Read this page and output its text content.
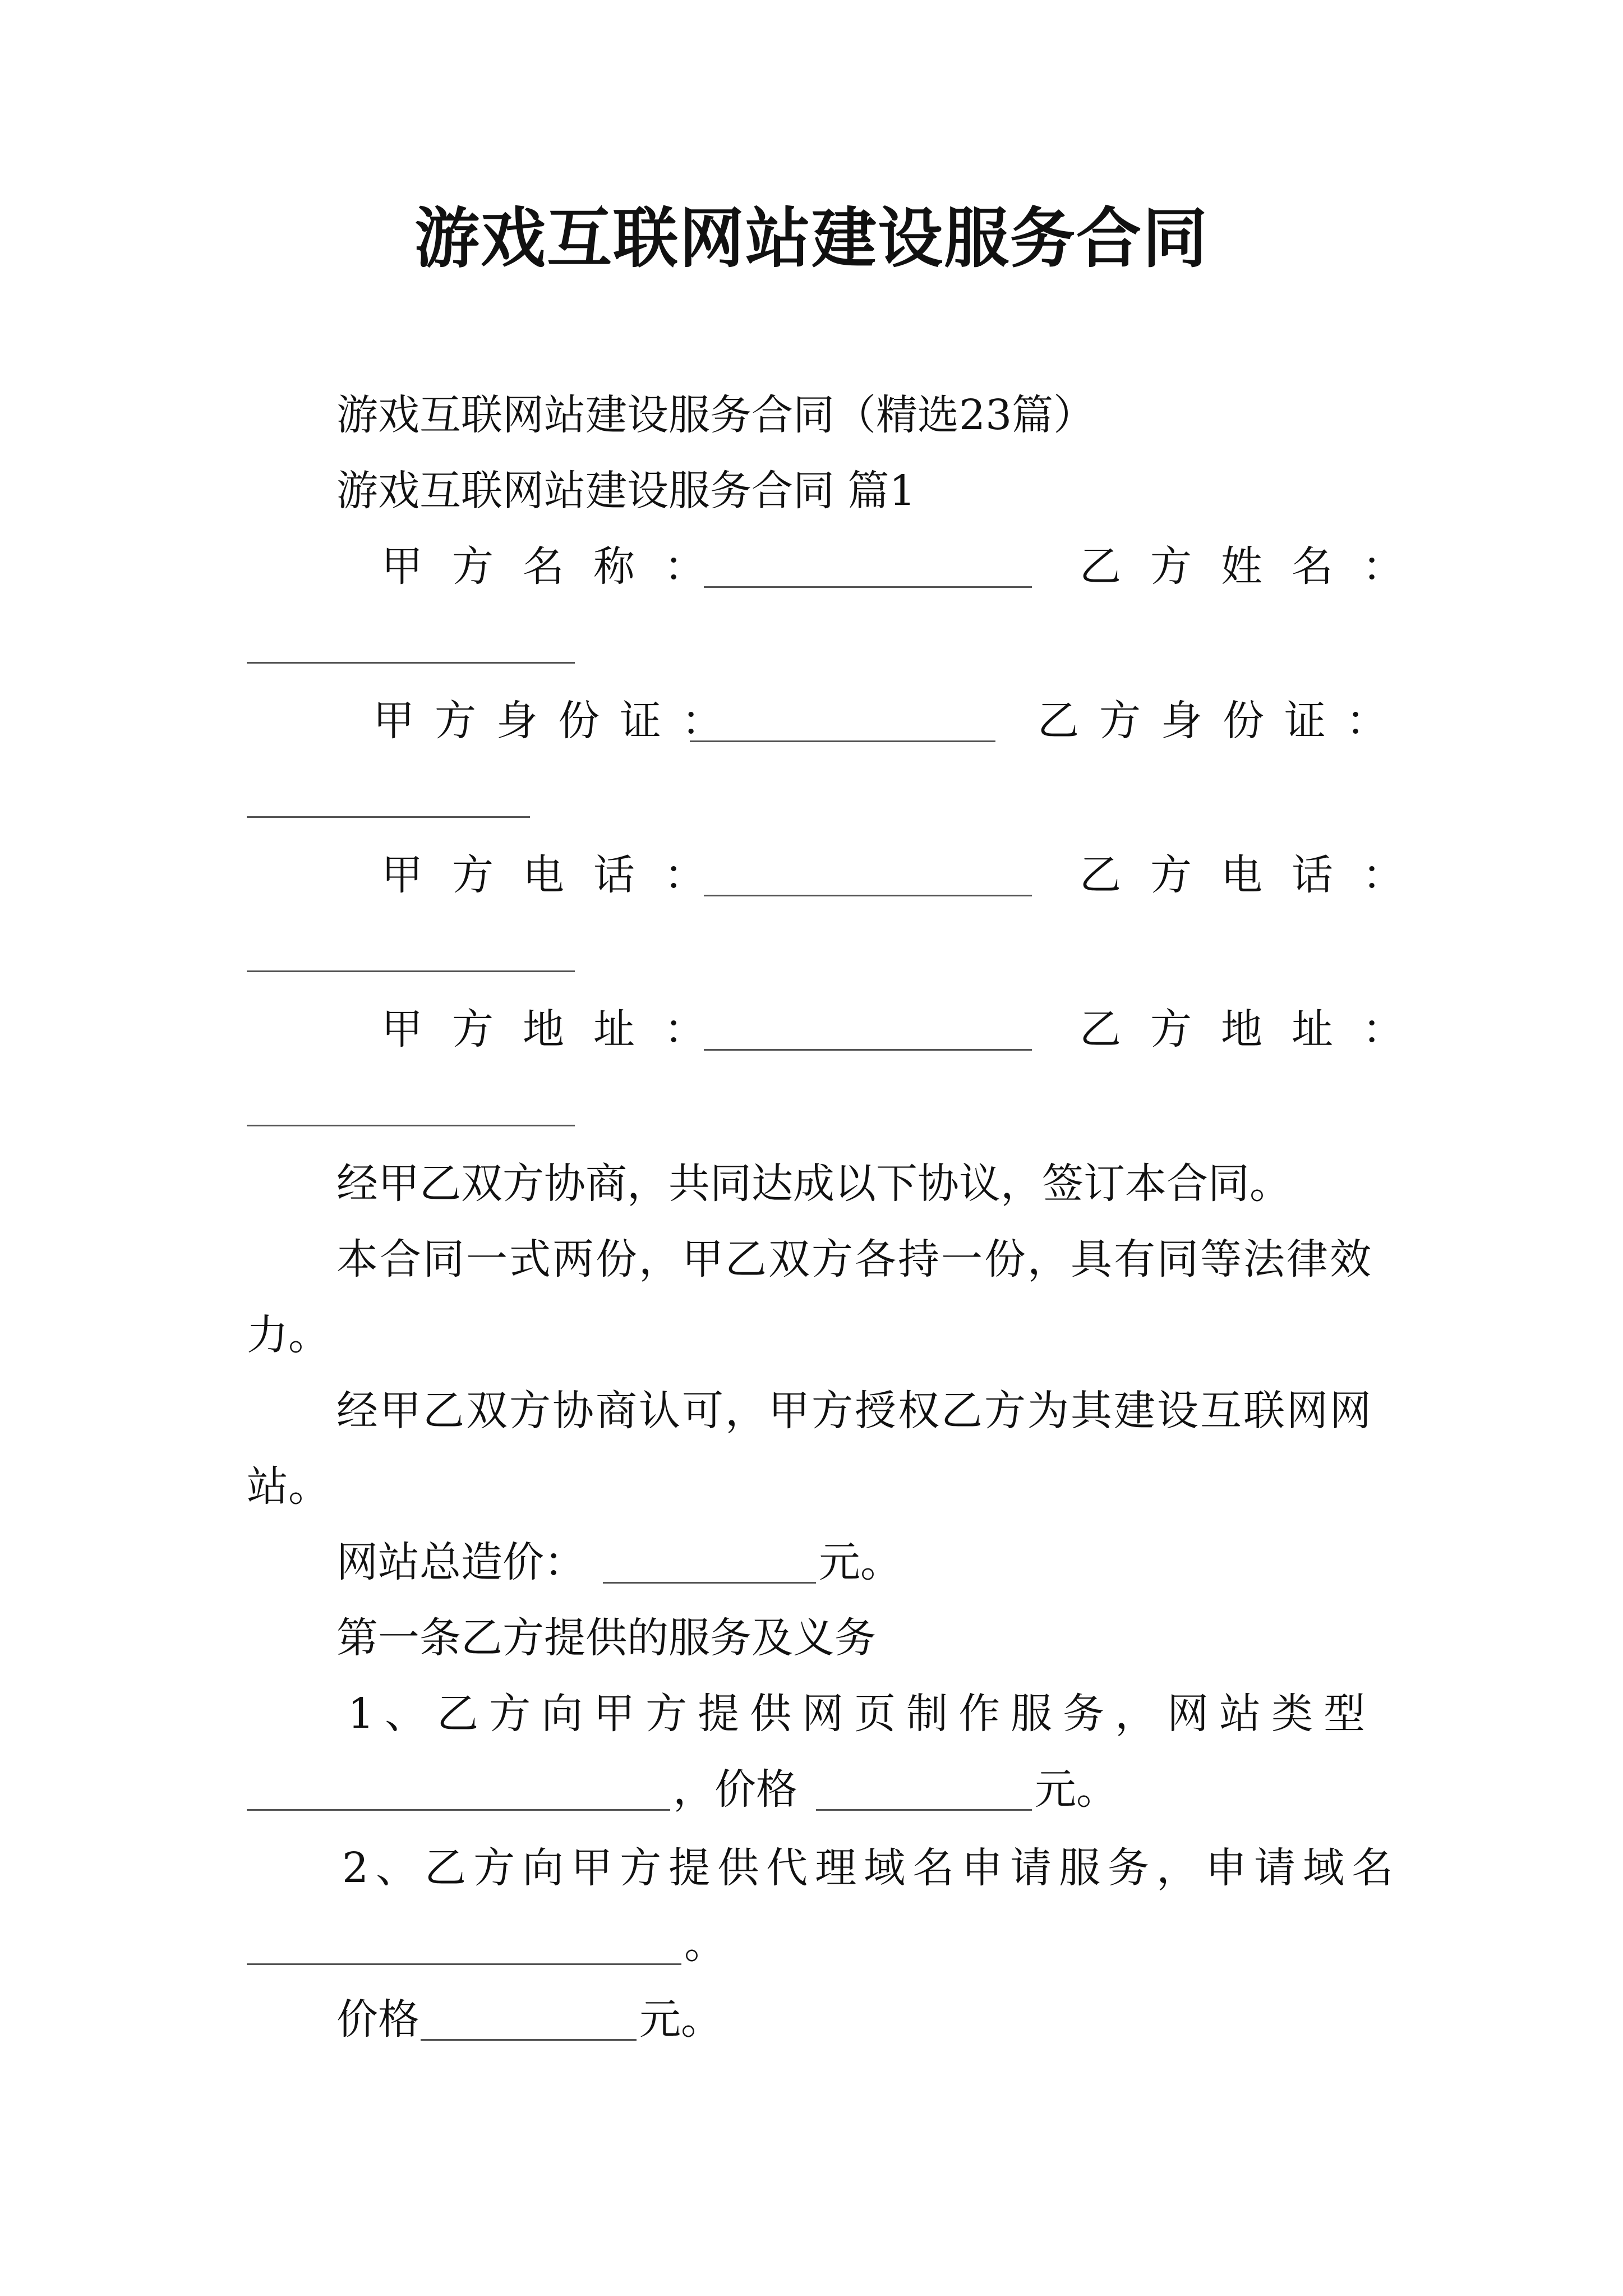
游戏互联网站建设服务合同
游戏互联网站建设服务合同（精选23篇）
游戏互联网站建设服务合同 篇1
甲方名称：	乙方姓名：
甲方身份证：	乙方身份证：
甲方电话：	乙方电话：
甲方地址：	乙方地址：
经甲乙双方协商，共同达成以下协议，签订本合同。
本合同一式两份，甲乙双方各持一份，具有同等法律效
力。
经甲乙双方协商认可，甲方授权乙方为其建设互联网网
站。
网站总造价：	元。
第一条乙方提供的服务及义务
1、乙方向甲方提供网页制作服务，网站类型
，价格	元。
2、乙方向甲方提供代理域名申请服务，申请域名
。
价格	元。
